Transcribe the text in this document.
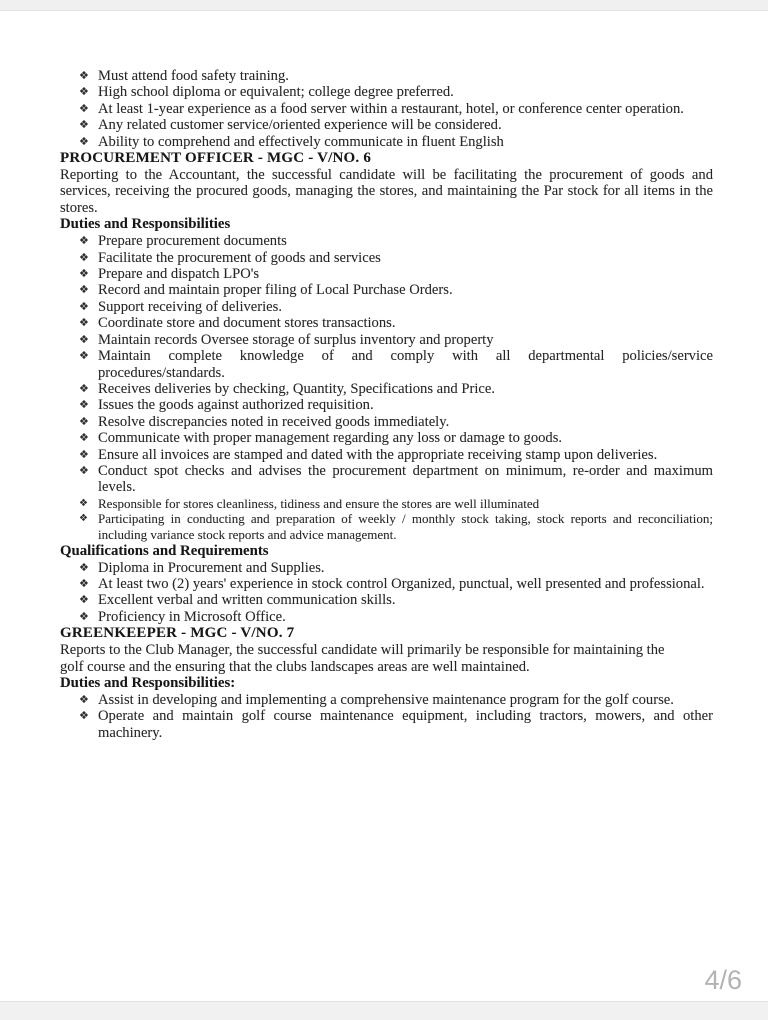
❖ Must attend food safety training.
❖ High school diploma or equivalent; college degree preferred.
❖ At least 1-year experience as a food server within a restaurant, hotel, or conference center operation.
❖ Any related customer service/oriented experience will be considered.
❖ Ability to comprehend and effectively communicate in fluent English
PROCUREMENT OFFICER - MGC - V/NO. 6

Reporting to the Accountant, the successful candidate will be facilitating the procurement of goods and services, receiving the procured goods, managing the stores, and maintaining the Par stock for all items in the stores.

Duties and Responsibilities
❖ Prepare procurement documents
❖ Facilitate the procurement of goods and services
❖ Prepare and dispatch LPO's
❖ Record and maintain proper filing of Local Purchase Orders.
❖ Support receiving of deliveries.
❖ Coordinate store and document stores transactions.
❖ Maintain records Oversee storage of surplus inventory and property
❖ Maintain complete knowledge of and comply with all departmental policies/service procedures/standards.
❖ Receives deliveries by checking, Quantity, Specifications and Price.
❖ Issues the goods against authorized requisition.
❖ Resolve discrepancies noted in received goods immediately.
❖ Communicate with proper management regarding any loss or damage to goods.
❖ Ensure all invoices are stamped and dated with the appropriate receiving stamp upon deliveries.
❖ Conduct spot checks and advises the procurement department on minimum, re-order and maximum levels.
❖ Responsible for stores cleanliness, tidiness and ensure the stores are well illuminated
❖ Participating in conducting and preparation of weekly / monthly stock taking, stock reports and reconciliation; including variance stock reports and advice management.
Qualifications and Requirements
❖ Diploma in Procurement and Supplies.
❖ At least two (2) years' experience in stock control Organized, punctual, well presented and professional.
❖ Excellent verbal and written communication skills.
❖ Proficiency in Microsoft Office.
GREENKEEPER - MGC - V/NO. 7

Reports to the Club Manager, the successful candidate will primarily be responsible for maintaining the golf course and the ensuring that the clubs landscapes areas are well maintained.

Duties and Responsibilities:
❖ Assist in developing and implementing a comprehensive maintenance program for the golf course.
❖ Operate and maintain golf course maintenance equipment, including tractors, mowers, and other machinery.
4/6
